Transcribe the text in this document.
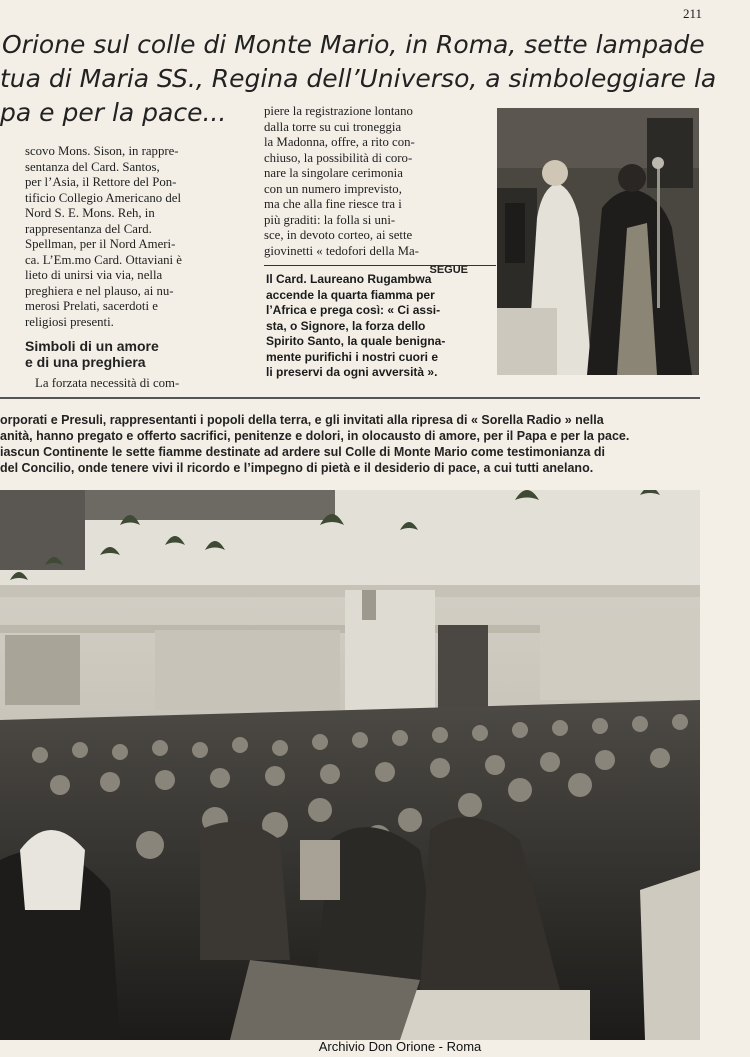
211
Orione sul colle di Monte Mario, in Roma, sette lampade
tua di Maria SS., Regina dell’Universo, a simboleggiare la
pa e per la pace...
scovo Mons. Sison, in rappre-
sentanza del Card. Santos,
per l’Asia, il Rettore del Pon-
tificio Collegio Americano del
Nord S. E. Mons. Reh, in
rappresentanza del Card.
Spellman, per il Nord Ameri-
ca. L’Em.mo Card. Ottaviani è
lieto di unirsi via via, nella
preghiera e nel plauso, ai nu-
merosi Prelati, sacerdoti e
religiosi presenti.
Simboli di un amore
e di una preghiera
La forzata necessità di com-
piere la registrazione lontano
dalla torre su cui troneggia
la Madonna, offre, a rito con-
chiuso, la possibilità di coro-
nare la singolare cerimonia
con un numero imprevisto,
ma che alla fine riesce tra i
più graditi: la folla si uni-
sce, in devoto corteo, ai sette
giovinetti « tedofori della Ma-
SEGUE
Il Card. Laureano Rugambwa
accende la quarta fiamma per
l’Africa e prega così: « Ci assi-
sta, o Signore, la forza dello
Spirito Santo, la quale benigna-
mente purifichi i nostri cuori e
li preservi da ogni avversità ».
orporati e Presuli, rappresentanti i popoli della terra, e gli invitati alla ripresa di « Sorella Radio » nella
anità, hanno pregato e offerto sacrifici, penitenze e dolori, in olocausto di amore, per il Papa e per la pace.
iascun Continente le sette fiamme destinate ad ardere sul Colle di Monte Mario come testimonianza di
del Concilio, onde tenere vivi il ricordo e l’impegno di pietà e il desiderio di pace, a cui tutti anelano.
Archivio Don Orione - Roma
